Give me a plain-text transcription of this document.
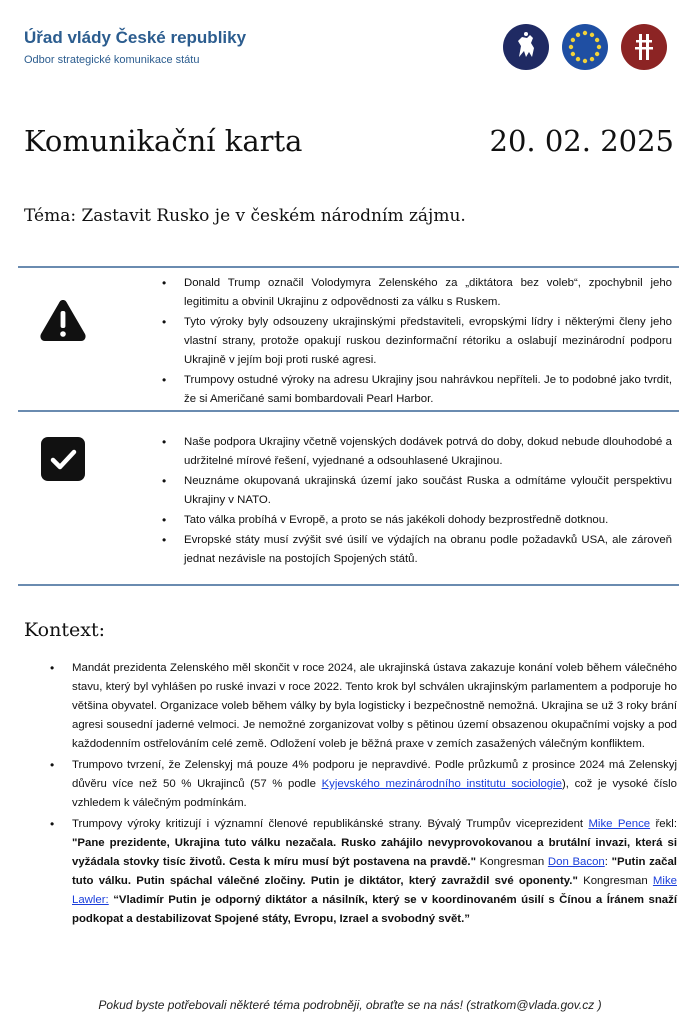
Úřad vlády České republiky
Odbor strategické komunikace státu
Komunikační karta	20. 02. 2025
Téma: Zastavit Rusko je v českém národním zájmu.
• Donald Trump označil Volodymyra Zelenského za „diktátora bez voleb“, zpochybnil jeho legitimitu a obvinil Ukrajinu z odpovědnosti za válku s Ruskem.
• Tyto výroky byly odsouzeny ukrajinskými představiteli, evropskými lídry i některými členy jeho vlastní strany, protože opakují ruskou dezinformační rétoriku a oslabují mezinárodní podporu Ukrajině v jejím boji proti ruské agresi.
• Trumpovy ostudné výroky na adresu Ukrajiny jsou nahrávkou nepříteli. Je to podobné jako tvrdit, že si Američané sami bombardovali Pearl Harbor.
• Naše podpora Ukrajiny včetně vojenských dodávek potrvá do doby, dokud nebude dlouhodobé a udržitelné mírové řešení, vyjednané a odsouhlasené Ukrajinou.
• Neuznáme okupovaná ukrajinská území jako součást Ruska a odmítáme vyloučit perspektivu Ukrajiny v NATO.
• Tato válka probíhá v Evropě, a proto se nás jakékoli dohody bezprostředně dotknou.
• Evropské státy musí zvýšit své úsilí ve výdajích na obranu podle požadavků USA, ale zároveň jednat nezávisle na postojích Spojených států.
Kontext:
• Mandát prezidenta Zelenského měl skončit v roce 2024, ale ukrajinská ústava zakazuje konání voleb během válečného stavu, který byl vyhlášen po ruské invazi v roce 2022. Tento krok byl schválen ukrajinským parlamentem a podporuje ho většina obyvatel. Organizace voleb během války by byla logisticky i bezpečnostně nemožná. Ukrajina se už 3 roky brání agresi sousední jaderné velmoci. Je nemožné zorganizovat volby s pětinou území obsazenou okupačními vojsky a pod každodenním ostřelováním celé země. Odložení voleb je běžná praxe v zemích zasažených válečným konfliktem.
• Trumpovo tvrzení, že Zelenskyj má pouze 4% podporu je nepravdivé. Podle průzkumů z prosince 2024 má Zelenskyj důvěru více než 50 % Ukrajinců (57 % podle Kyjevského mezinárodního institutu sociologie), což je vysoké číslo vzhledem k válečným podmínkám.
• Trumpovy výroky kritizují i významní členové republikánské strany. Bývalý Trumpův viceprezident Mike Pence řekl: "Pane prezidente, Ukrajina tuto válku nezačala. Rusko zahájilo nevyprovokovanou a brutální invazi, která si vyžádala stovky tisíc životů. Cesta k míru musí být postavena na pravdě." Kongresman Don Bacon: "Putin začal tuto válku. Putin spáchal válečné zločiny. Putin je diktátor, který zavraždil své oponenty." Kongresman Mike Lawler: “Vladimír Putin je odporný diktátor a násilník, který se v koordinovaném úsilí s Čínou a Íránem snaží podkopat a destabilizovat Spojené státy, Evropu, Izrael a svobodný svět.”
Pokud byste potřebovali některé téma podrobněji, obraťte se na nás! (stratkom@vlada.gov.cz )
